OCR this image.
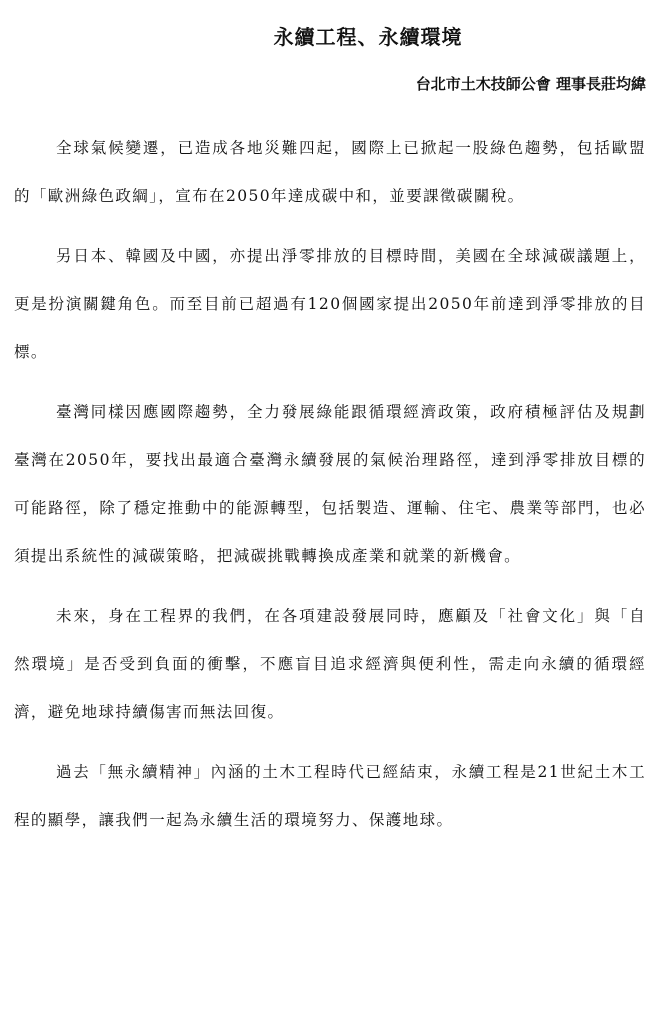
永續工程、永續環境

台北市土木技師公會 理事長莊均緯

全球氣候變遷，已造成各地災難四起，國際上已掀起一股綠色趨勢，包括歐盟的「歐洲綠色政綱」，宣布在2050年達成碳中和，並要課徵碳關稅。

另日本、韓國及中國，亦提出淨零排放的目標時間，美國在全球減碳議題上，更是扮演關鍵角色。而至目前已超過有120個國家提出2050年前達到淨零排放的目標。

臺灣同樣因應國際趨勢，全力發展綠能跟循環經濟政策，政府積極評估及規劃臺灣在2050年，要找出最適合臺灣永續發展的氣候治理路徑，達到淨零排放目標的可能路徑，除了穩定推動中的能源轉型，包括製造、運輸、住宅、農業等部門，也必須提出系統性的減碳策略，把減碳挑戰轉換成產業和就業的新機會。

未來，身在工程界的我們，在各項建設發展同時，應顧及「社會文化」與「自然環境」是否受到負面的衝擊，不應盲目追求經濟與便利性，需走向永續的循環經濟，避免地球持續傷害而無法回復。

過去「無永續精神」內涵的土木工程時代已經結束，永續工程是21世紀土木工程的顯學，讓我們一起為永續生活的環境努力、保護地球。
